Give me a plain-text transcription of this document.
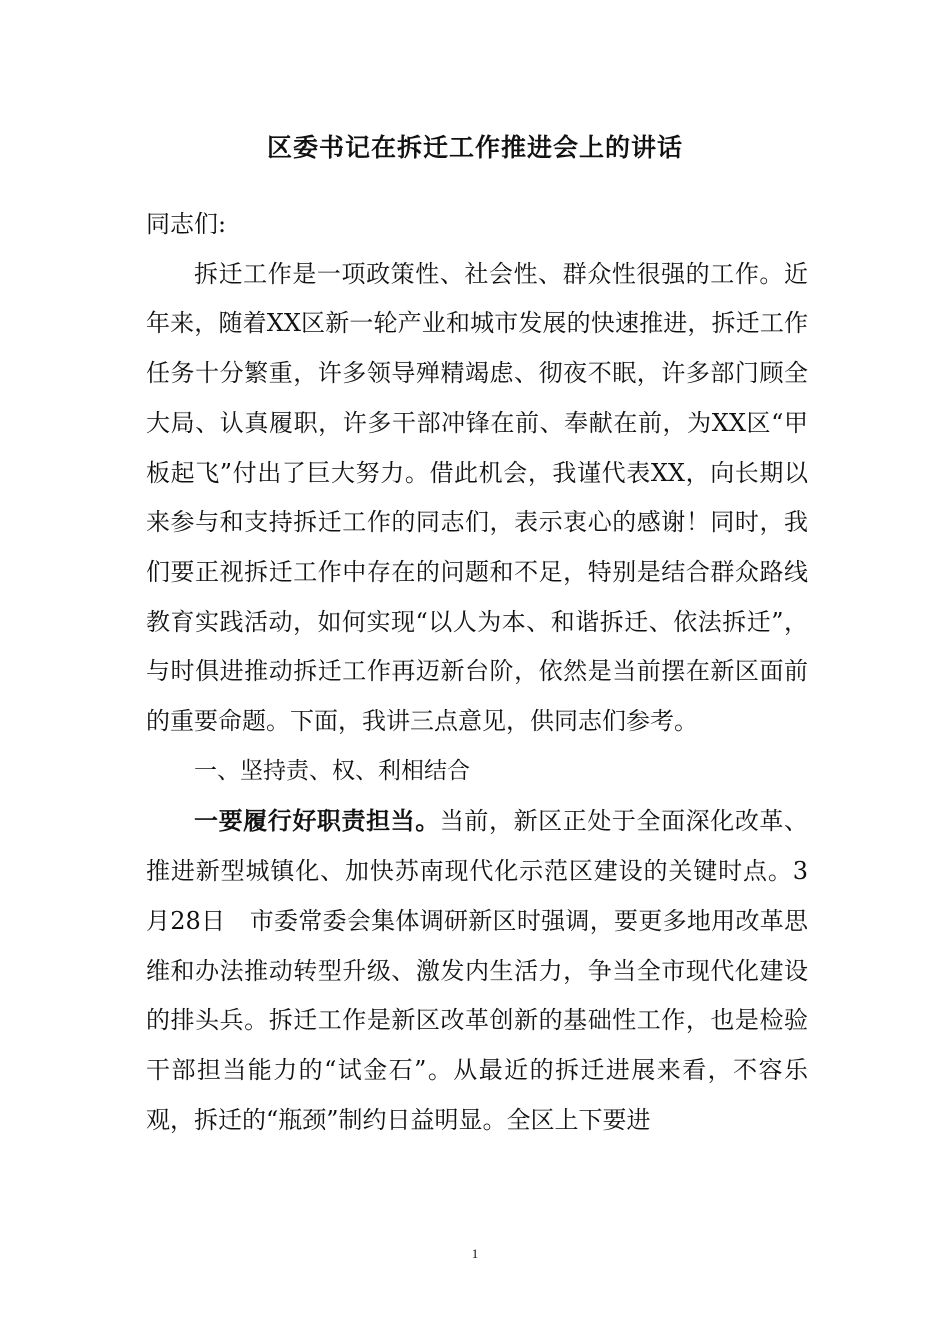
区委书记在拆迁工作推进会上的讲话

同志们:

拆迁工作是一项政策性、社会性、群众性很强的工作。近年来，随着XX区新一轮产业和城市发展的快速推进，拆迁工作任务十分繁重，许多领导殚精竭虑、彻夜不眠，许多部门顾全大局、认真履职，许多干部冲锋在前、奉献在前，为XX区“甲板起飞”付出了巨大努力。借此机会，我谨代表XX，向长期以来参与和支持拆迁工作的同志们，表示衷心的感谢！同时，我们要正视拆迁工作中存在的问题和不足，特别是结合群众路线教育实践活动，如何实现“以人为本、和谐拆迁、依法拆迁”，与时俱进推动拆迁工作再迈新台阶，依然是当前摆在新区面前的重要命题。下面，我讲三点意见，供同志们参考。

一、坚持责、权、利相结合

一要履行好职责担当。当前，新区正处于全面深化改革、推进新型城镇化、加快苏南现代化示范区建设的关键时点。3月28日 市委常委会集体调研新区时强调，要更多地用改革思维和办法推动转型升级、激发内生活力，争当全市现代化建设的排头兵。拆迁工作是新区改革创新的基础性工作，也是检验干部担当能力的“试金石”。从最近的拆迁进展来看，不容乐观，拆迁的“瓶颈”制约日益明显。全区上下要进

1
